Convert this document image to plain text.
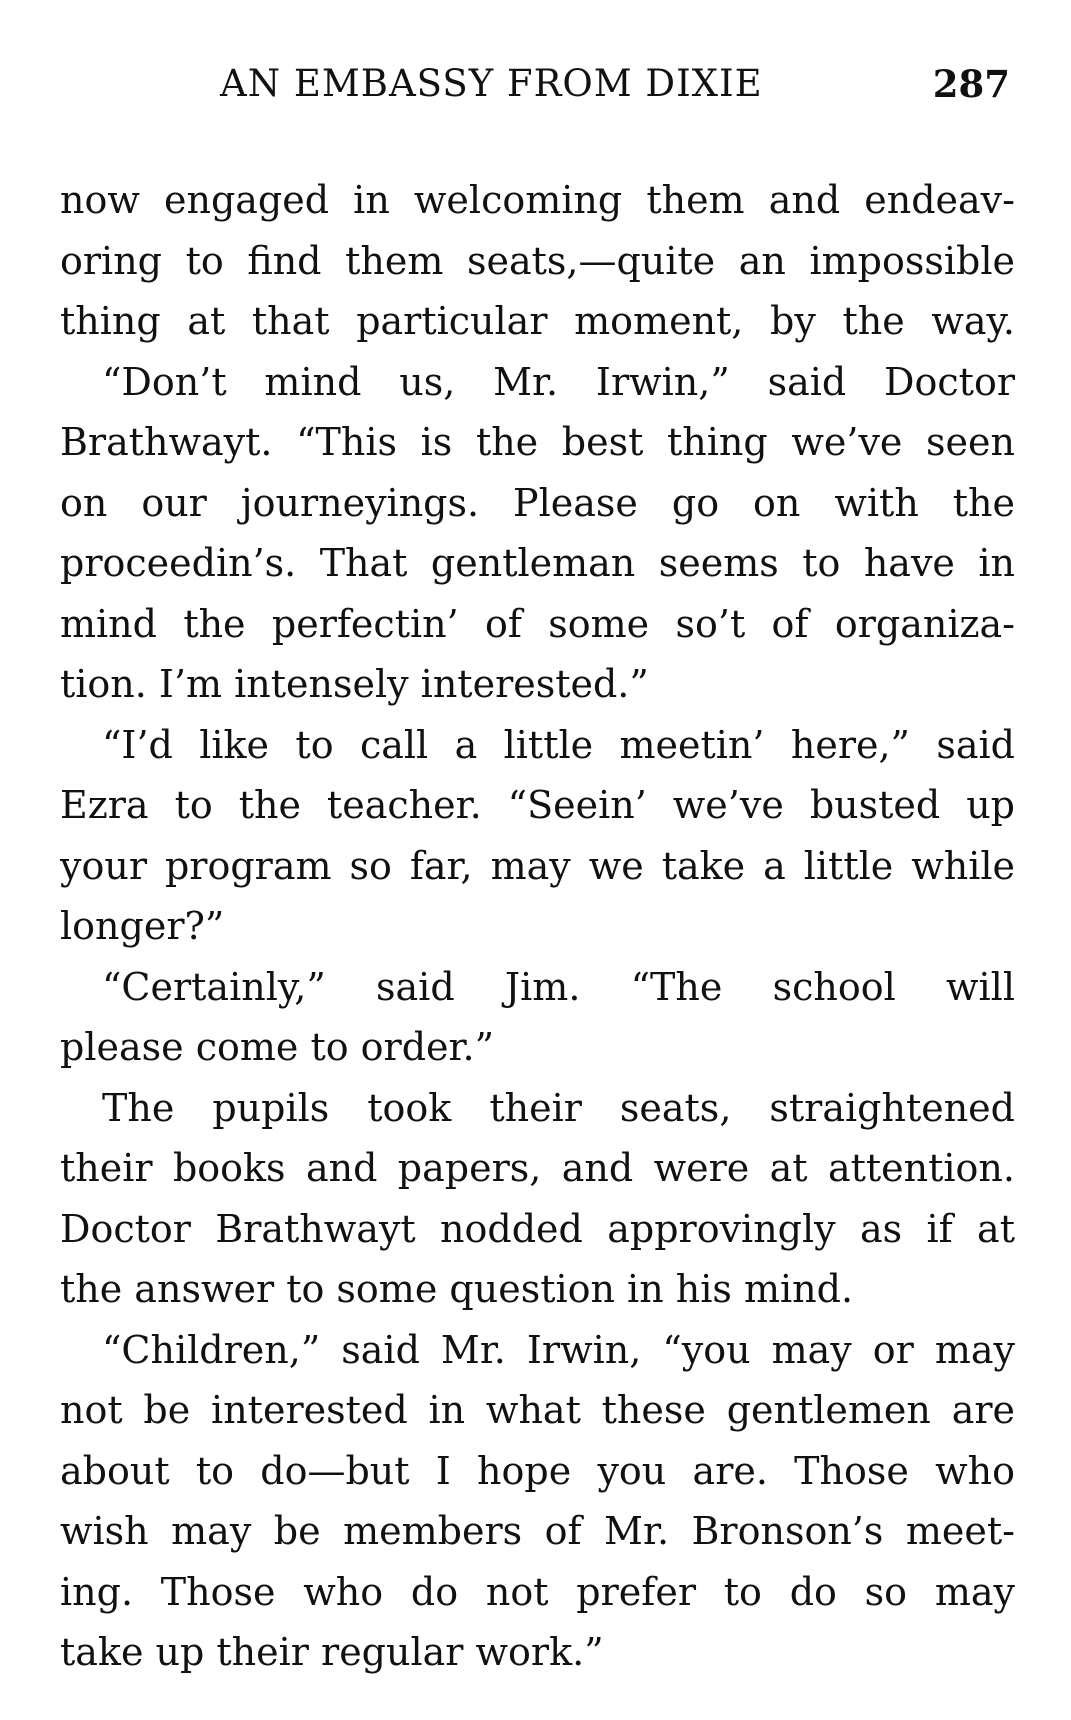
AN EMBASSY FROM DIXIE	287
now engaged in welcoming them and endeav-
oring to find them seats,—quite an impossible
thing at that particular moment, by the way.
“Don’t mind us, Mr. Irwin,” said Doctor
Brathwayt. “This is the best thing we’ve seen
on our journeyings. Please go on with the
proceedin’s. That gentleman seems to have in
mind the perfectin’ of some so’t of organiza-
tion. I’m intensely interested.”
“I’d like to call a little meetin’ here,” said
Ezra to the teacher. “Seein’ we’ve busted up
your program so far, may we take a little while
longer?”
“Certainly,” said Jim. “The school will
please come to order.”
The pupils took their seats, straightened
their books and papers, and were at attention.
Doctor Brathwayt nodded approvingly as if at
the answer to some question in his mind.
“Children,” said Mr. Irwin, “you may or may
not be interested in what these gentlemen are
about to do—but I hope you are. Those who
wish may be members of Mr. Bronson’s meet-
ing. Those who do not prefer to do so may
take up their regular work.”
